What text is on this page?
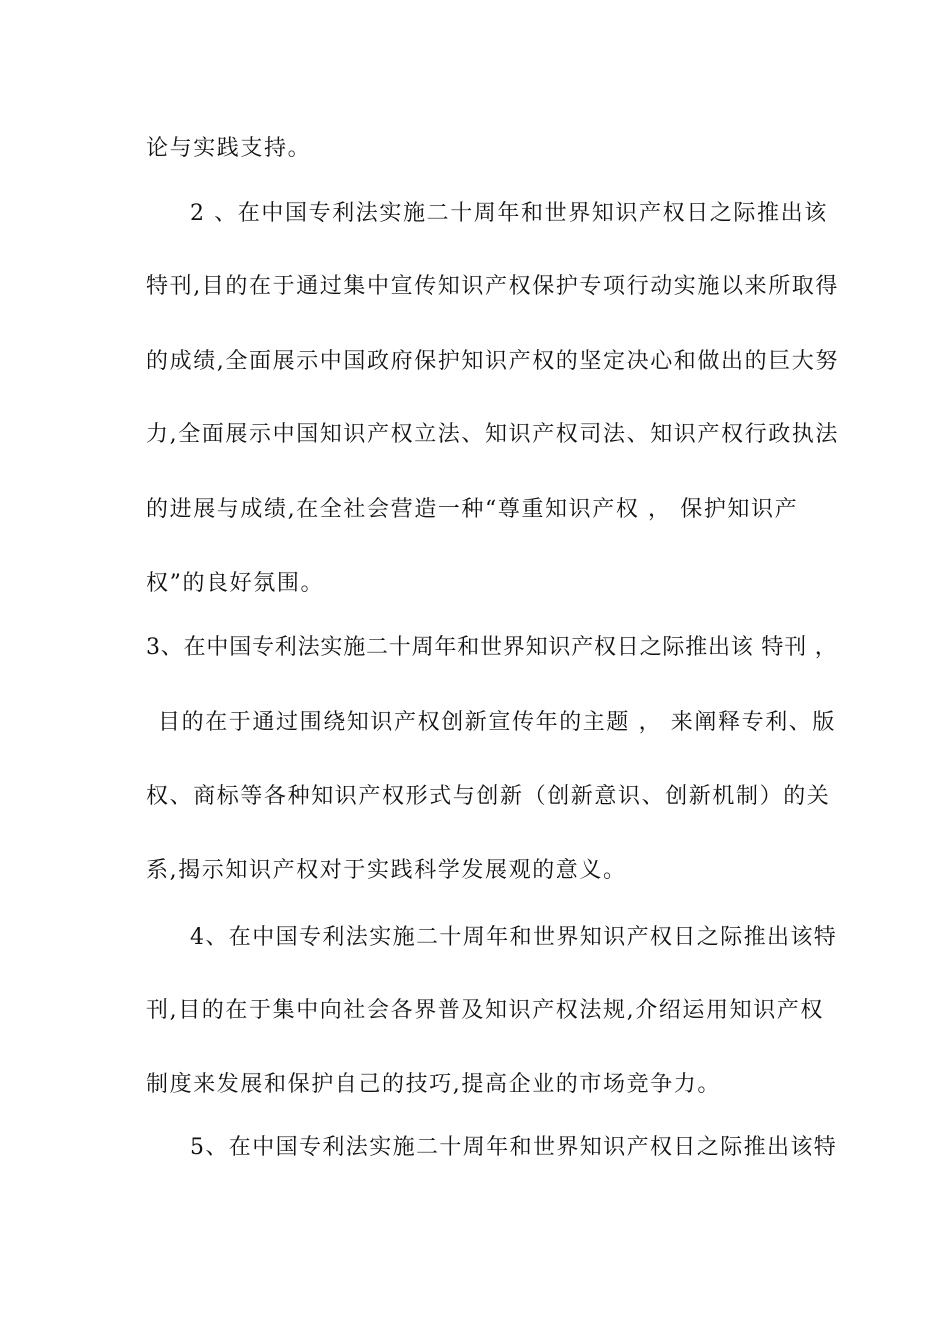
论与实践支持。
2 、在中国专利法实施二十周年和世界知识产权日之际推出该
特刊,目的在于通过集中宣传知识产权保护专项行动实施以来所取得
的成绩,全面展示中国政府保护知识产权的坚定决心和做出的巨大努
力,全面展示中国知识产权立法、知识产权司法、知识产权行政执法
的进展与成绩,在全社会营造一种“尊重知识产权 ， 保护知识产
权”的良好氛围。
3、在中国专利法实施二十周年和世界知识产权日之际推出该 特刊 ，
目的在于通过围绕知识产权创新宣传年的主题 ， 来阐释专利、版
权、商标等各种知识产权形式与创新（创新意识、创新机制）的关
系,揭示知识产权对于实践科学发展观的意义。
4、在中国专利法实施二十周年和世界知识产权日之际推出该特
刊,目的在于集中向社会各界普及知识产权法规,介绍运用知识产权
制度来发展和保护自己的技巧,提高企业的市场竞争力。
5、在中国专利法实施二十周年和世界知识产权日之际推出该特
